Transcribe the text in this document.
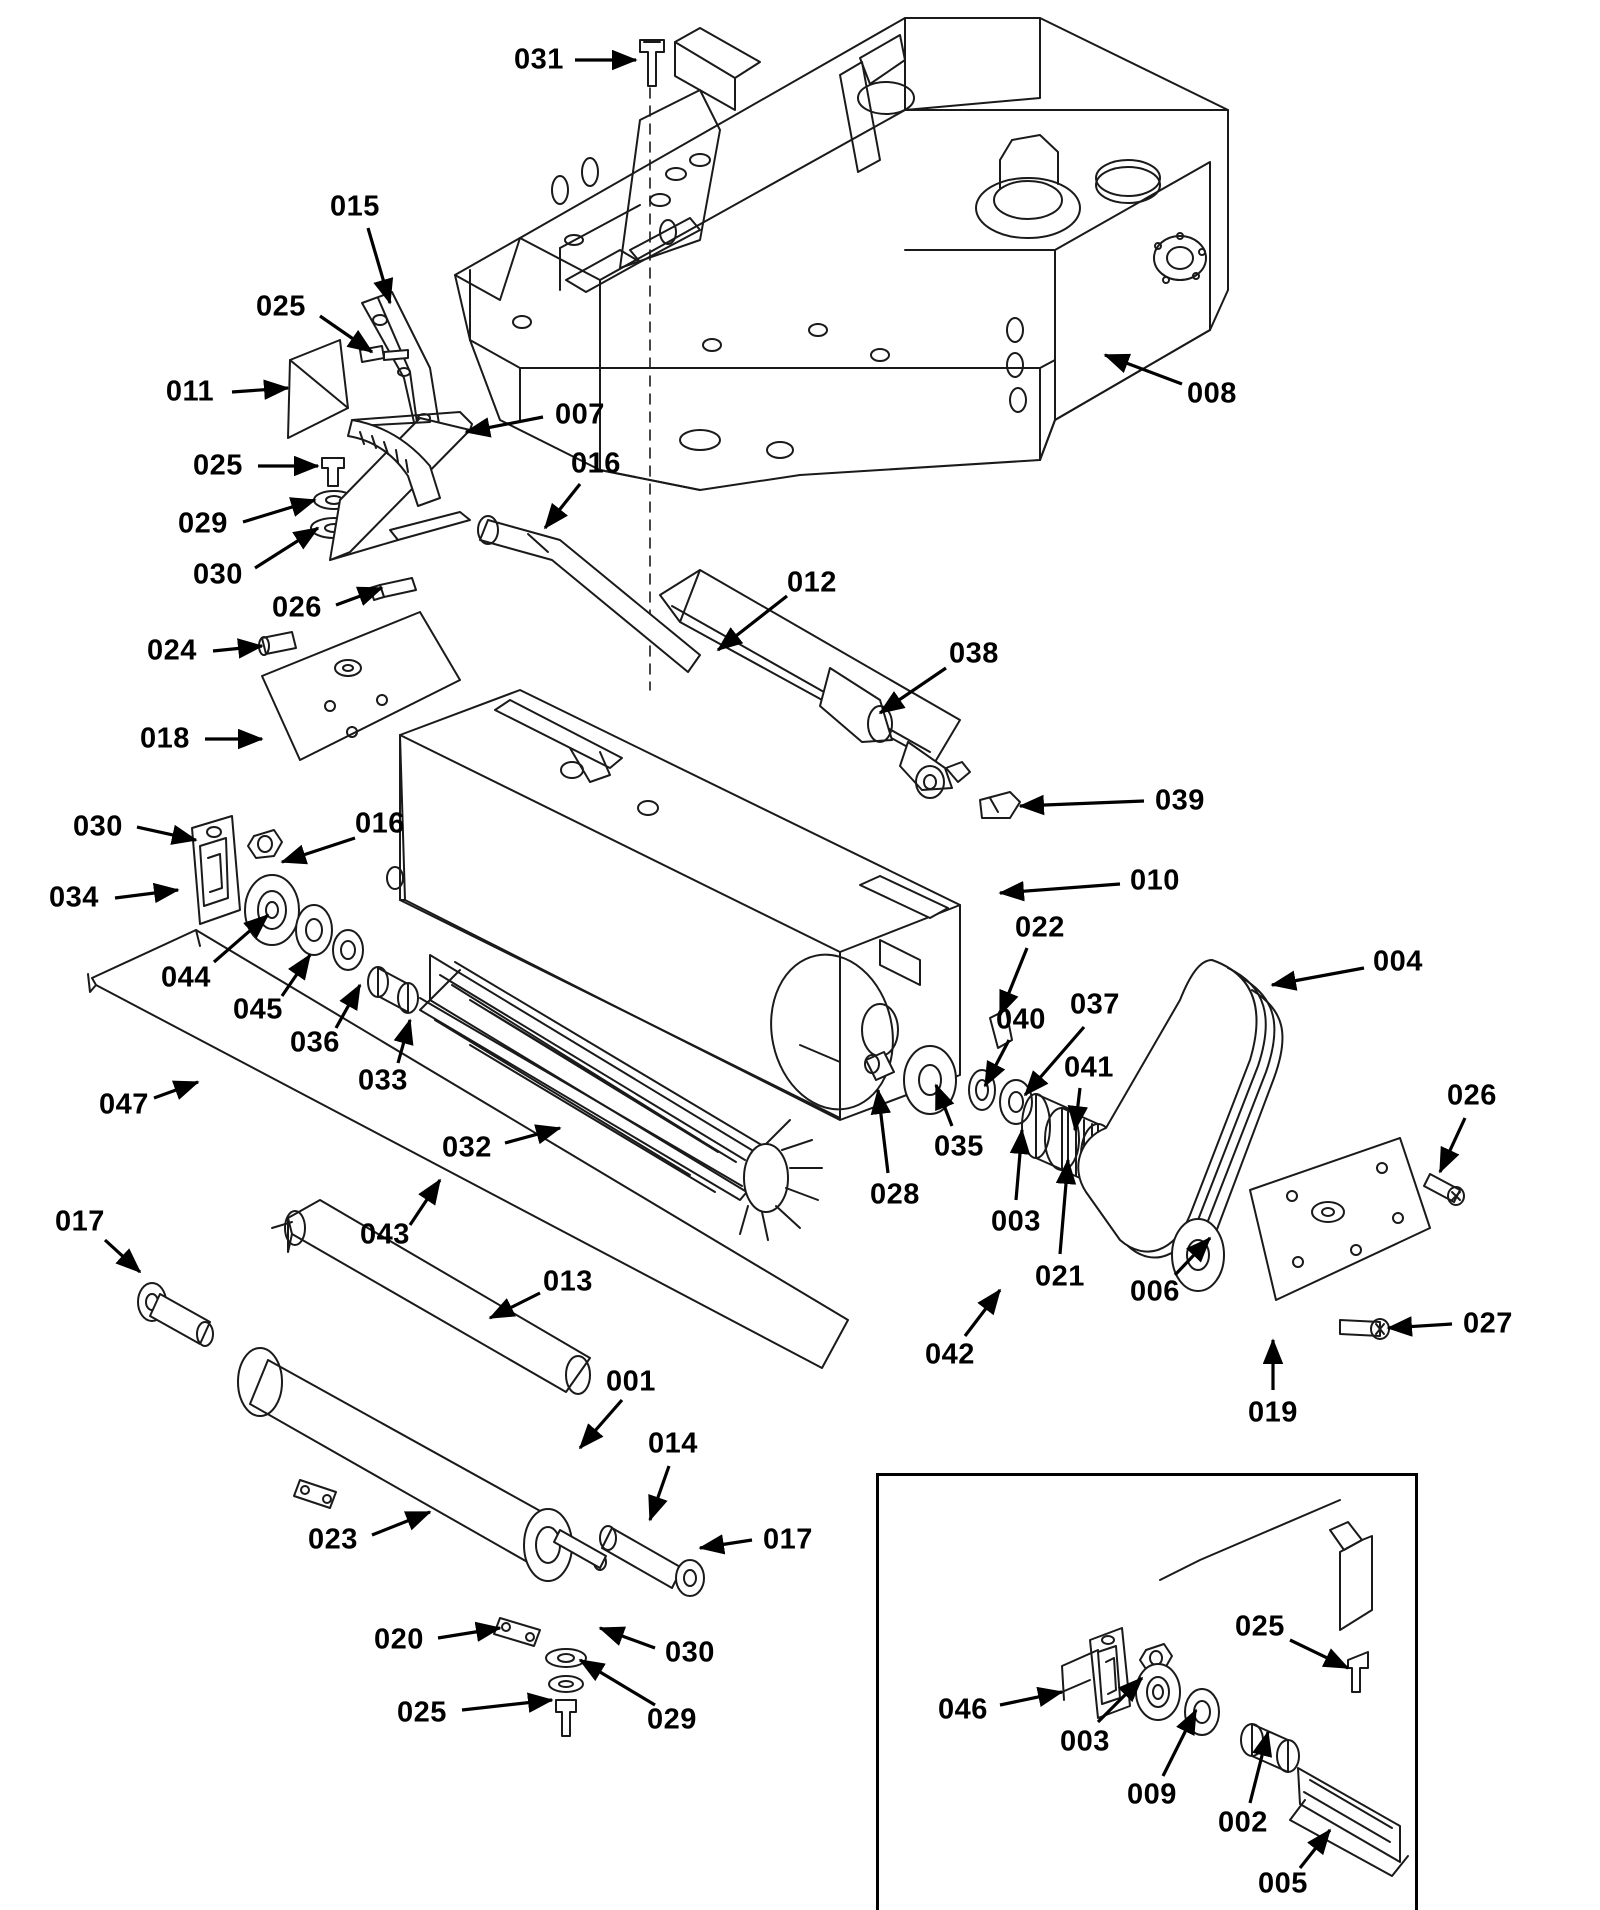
031
015
025
011
007
008
025	016
029
030	012
026
024	038
018
039
030	016
010
034
022
044	004
037
040
045
041
036
026
033
047
035
032
028
003
017	043
021 006
013
027
042
019
001
014
017
023
020	030
025	029
025
046
003
009
002
005
